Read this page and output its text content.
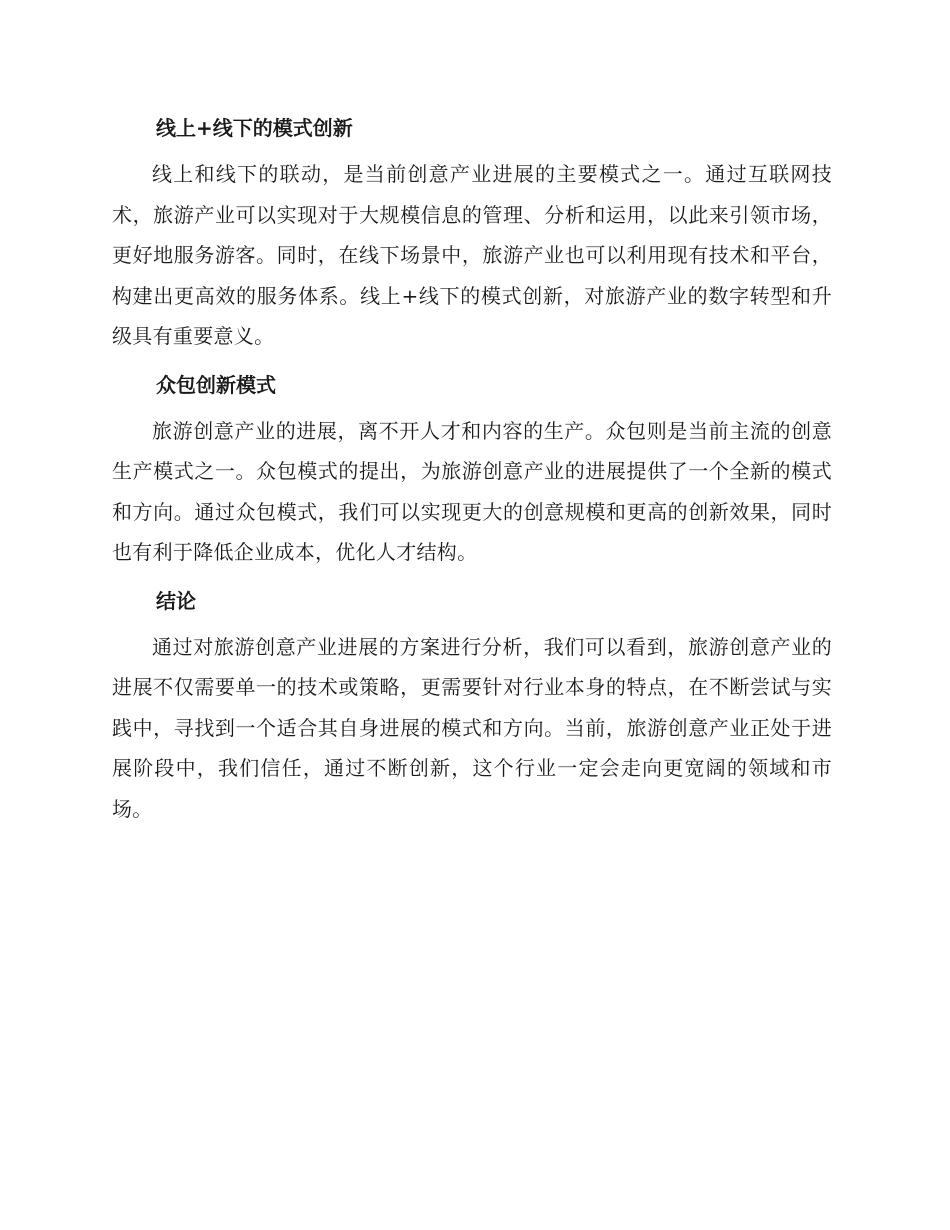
线上+线下的模式创新

线上和线下的联动，是当前创意产业进展的主要模式之一。通过互联网技术，旅游产业可以实现对于大规模信息的管理、分析和运用，以此来引领市场，更好地服务游客。同时，在线下场景中，旅游产业也可以利用现有技术和平台，构建出更高效的服务体系。线上+线下的模式创新，对旅游产业的数字转型和升级具有重要意义。

众包创新模式

旅游创意产业的进展，离不开人才和内容的生产。众包则是当前主流的创意生产模式之一。众包模式的提出，为旅游创意产业的进展提供了一个全新的模式和方向。通过众包模式，我们可以实现更大的创意规模和更高的创新效果，同时也有利于降低企业成本，优化人才结构。

结论

通过对旅游创意产业进展的方案进行分析，我们可以看到，旅游创意产业的进展不仅需要单一的技术或策略，更需要针对行业本身的特点，在不断尝试与实践中，寻找到一个适合其自身进展的模式和方向。当前，旅游创意产业正处于进展阶段中，我们信任，通过不断创新，这个行业一定会走向更宽阔的领域和市场。
